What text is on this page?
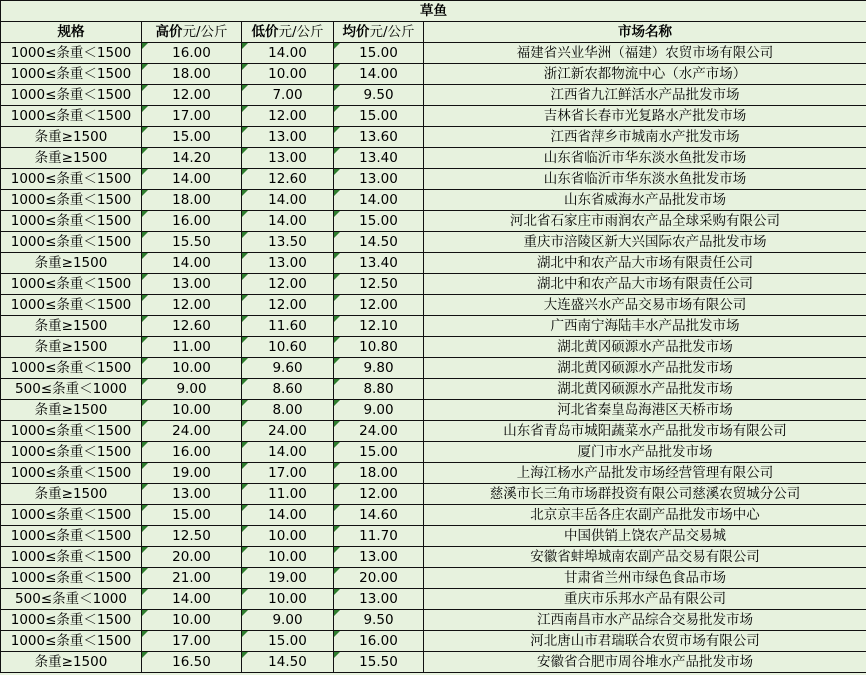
草鱼				
规格	高价元/公斤	低价元/公斤	均价元/公斤	市场名称
1000≤条重＜1500	16.00	14.00	15.00	福建省兴业华洲（福建）农贸市场有限公司
1000≤条重＜1500	18.00	10.00	14.00	浙江新农都物流中心（水产市场）
1000≤条重＜1500	12.00	7.00	9.50	江西省九江鲜活水产品批发市场
1000≤条重＜1500	17.00	12.00	15.00	吉林省长春市光复路水产批发市场
条重≥1500	15.00	13.00	13.60	江西省萍乡市城南水产批发市场
条重≥1500	14.20	13.00	13.40	山东省临沂市华东淡水鱼批发市场
1000≤条重＜1500	14.00	12.60	13.00	山东省临沂市华东淡水鱼批发市场
1000≤条重＜1500	18.00	14.00	14.00	山东省威海水产品批发市场
1000≤条重＜1500	16.00	14.00	15.00	河北省石家庄市雨润农产品全球采购有限公司
1000≤条重＜1500	15.50	13.50	14.50	重庆市涪陵区新大兴国际农产品批发市场
条重≥1500	14.00	13.00	13.40	湖北中和农产品大市场有限责任公司
1000≤条重＜1500	13.00	12.00	12.50	湖北中和农产品大市场有限责任公司
1000≤条重＜1500	12.00	12.00	12.00	大连盛兴水产品交易市场有限公司
条重≥1500	12.60	11.60	12.10	广西南宁海陆丰水产品批发市场
条重≥1500	11.00	10.60	10.80	湖北黄冈硕源水产品批发市场
1000≤条重＜1500	10.00	9.60	9.80	湖北黄冈硕源水产品批发市场
500≤条重＜1000	9.00	8.60	8.80	湖北黄冈硕源水产品批发市场
条重≥1500	10.00	8.00	9.00	河北省秦皇岛海港区天桥市场
1000≤条重＜1500	24.00	24.00	24.00	山东省青岛市城阳蔬菜水产品批发市场有限公司
1000≤条重＜1500	16.00	14.00	15.00	厦门市水产品批发市场
1000≤条重＜1500	19.00	17.00	18.00	上海江杨水产品批发市场经营管理有限公司
条重≥1500	13.00	11.00	12.00	慈溪市长三角市场群投资有限公司慈溪农贸城分公司
1000≤条重＜1500	15.00	14.00	14.60	北京京丰岳各庄农副产品批发市场中心
1000≤条重＜1500	12.50	10.00	11.70	中国供销上饶农产品交易城
1000≤条重＜1500	20.00	10.00	13.00	安徽省蚌埠城南农副产品交易有限公司
1000≤条重＜1500	21.00	19.00	20.00	甘肃省兰州市绿色食品市场
500≤条重＜1000	14.00	10.00	13.00	重庆市乐邦水产品有限公司
1000≤条重＜1500	10.00	9.00	9.50	江西南昌市水产品综合交易批发市场
1000≤条重＜1500	17.00	15.00	16.00	河北唐山市君瑞联合农贸市场有限公司
条重≥1500	16.50	14.50	15.50	安徽省合肥市周谷堆水产品批发市场
